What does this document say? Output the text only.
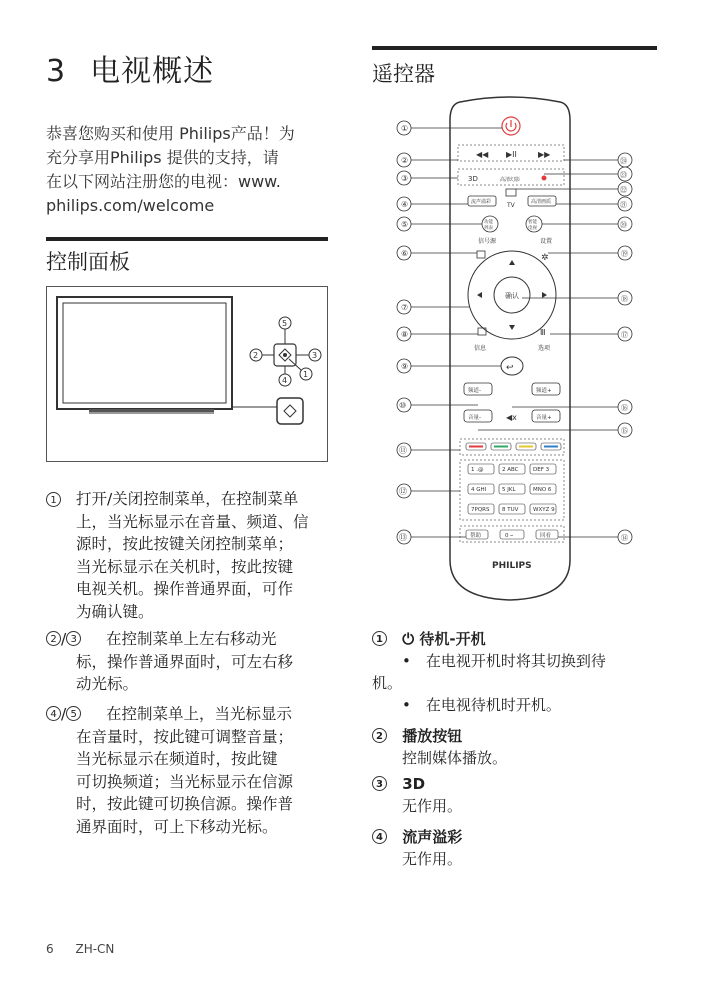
3 电视概述
恭喜您购买和使用 Philips产品！为
充分享用Philips 提供的支持，请
在以下网站注册您的电视：www.
philips.com/welcome
控制面板
5
2	3
4
1
1 打开/关闭控制菜单，在控制菜单
上，当光标显示在音量、频道、信
源时，按此按键关闭控制菜单；
当光标显示在关机时，按此按键
电视关机。操作普通界面，可作
为确认键。
2 / 3	在控制菜单上左右移动光
标，操作普通界面时，可左右移
动光标。
4 / 5	在控制菜单上，当光标显示
在音量时，按此键可调整音量；
当光标显示在频道时，按此键
可切换频道；当光标显示在信源
时，按此键可切换信源。操作普
通界面时，可上下移动光标。
遥控器
◀◀ ▶II	▶▶
3D	高清幻影
TV
流声溢彩	高清画质
功能
列表
智能
电视
信号源	设置
✲
确认
Ⅲ
信息	选项
↩
频道-	频道+
音量-	音量+
◀x
1 .@	2 ABC	DEF 3
4 GHI	5 JKL	MNO 6
7PQRS 8 TUV	WXYZ 9
帮助	0 ⎯	回看
PHILIPS
①
②
③
④
⑤
⑥
⑦
⑧
⑨
⑩
⑪
⑫
⑬
㉔
㉓
㉒
㉑
⑳
⑲
⑱
⑰
⑯
⑮
⑭
1 ⏻ 待机-开机
•　在电视开机时将其切换到待
机。
•　在电视待机时开机。
2 播放按钮
控制媒体播放。
3 3D
无作用。
4 流声溢彩
无作用。
6 ZH-CN
